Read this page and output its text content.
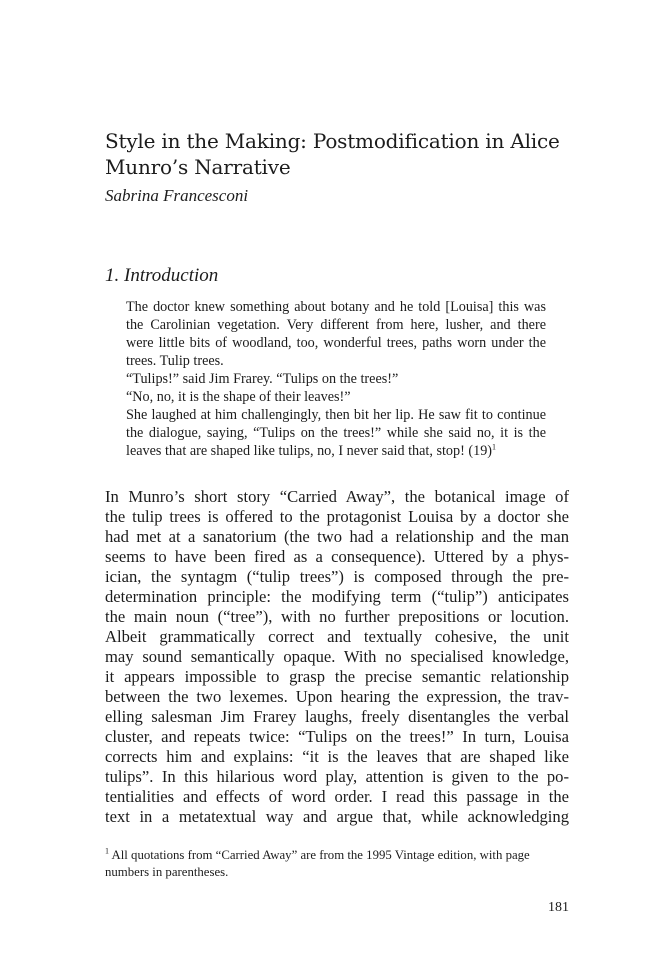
Style in the Making: Postmodification in Alice
Munro’s Narrative

Sabrina Francesconi

1. Introduction
The doctor knew something about botany and he told [Louisa] this was the Carolinian vegetation. Very different from here, lusher, and there were little bits of woodland, too, wonderful trees, paths worn under the trees. Tulip trees.
“Tulips!” said Jim Frarey. “Tulips on the trees!”
“No, no, it is the shape of their leaves!”
She laughed at him challengingly, then bit her lip. He saw fit to continue the dialogue, saying, “Tulips on the trees!” while she said no, it is the leaves that are shaped like tulips, no, I never said that, stop! $(19)^1$
In Munro’s short story “Carried Away”, the botanical image of
the tulip trees is offered to the protagonist Louisa by a doctor she
had met at a sanatorium (the two had a relationship and the man
seems to have been fired as a consequence). Uttered by a phys-
ician, the syntagm (“tulip trees”) is composed through the pre-
determination principle: the modifying term (“tulip”) anticipates
the main noun (“tree”), with no further prepositions or locution.
Albeit grammatically correct and textually cohesive, the unit
may sound semantically opaque. With no specialised knowledge,
it appears impossible to grasp the precise semantic relationship
between the two lexemes. Upon hearing the expression, the trav-
elling salesman Jim Frarey laughs, freely disentangles the verbal
cluster, and repeats twice: “Tulips on the trees!” In turn, Louisa
corrects him and explains: “it is the leaves that are shaped like
tulips”. In this hilarious word play, attention is given to the po-
tentialities and effects of word order. I read this passage in the
text in a metatextual way and argue that, while acknowledging

$^1$ All quotations from “Carried Away” are from the 1995 Vintage edition, with page numbers in parentheses.

181
